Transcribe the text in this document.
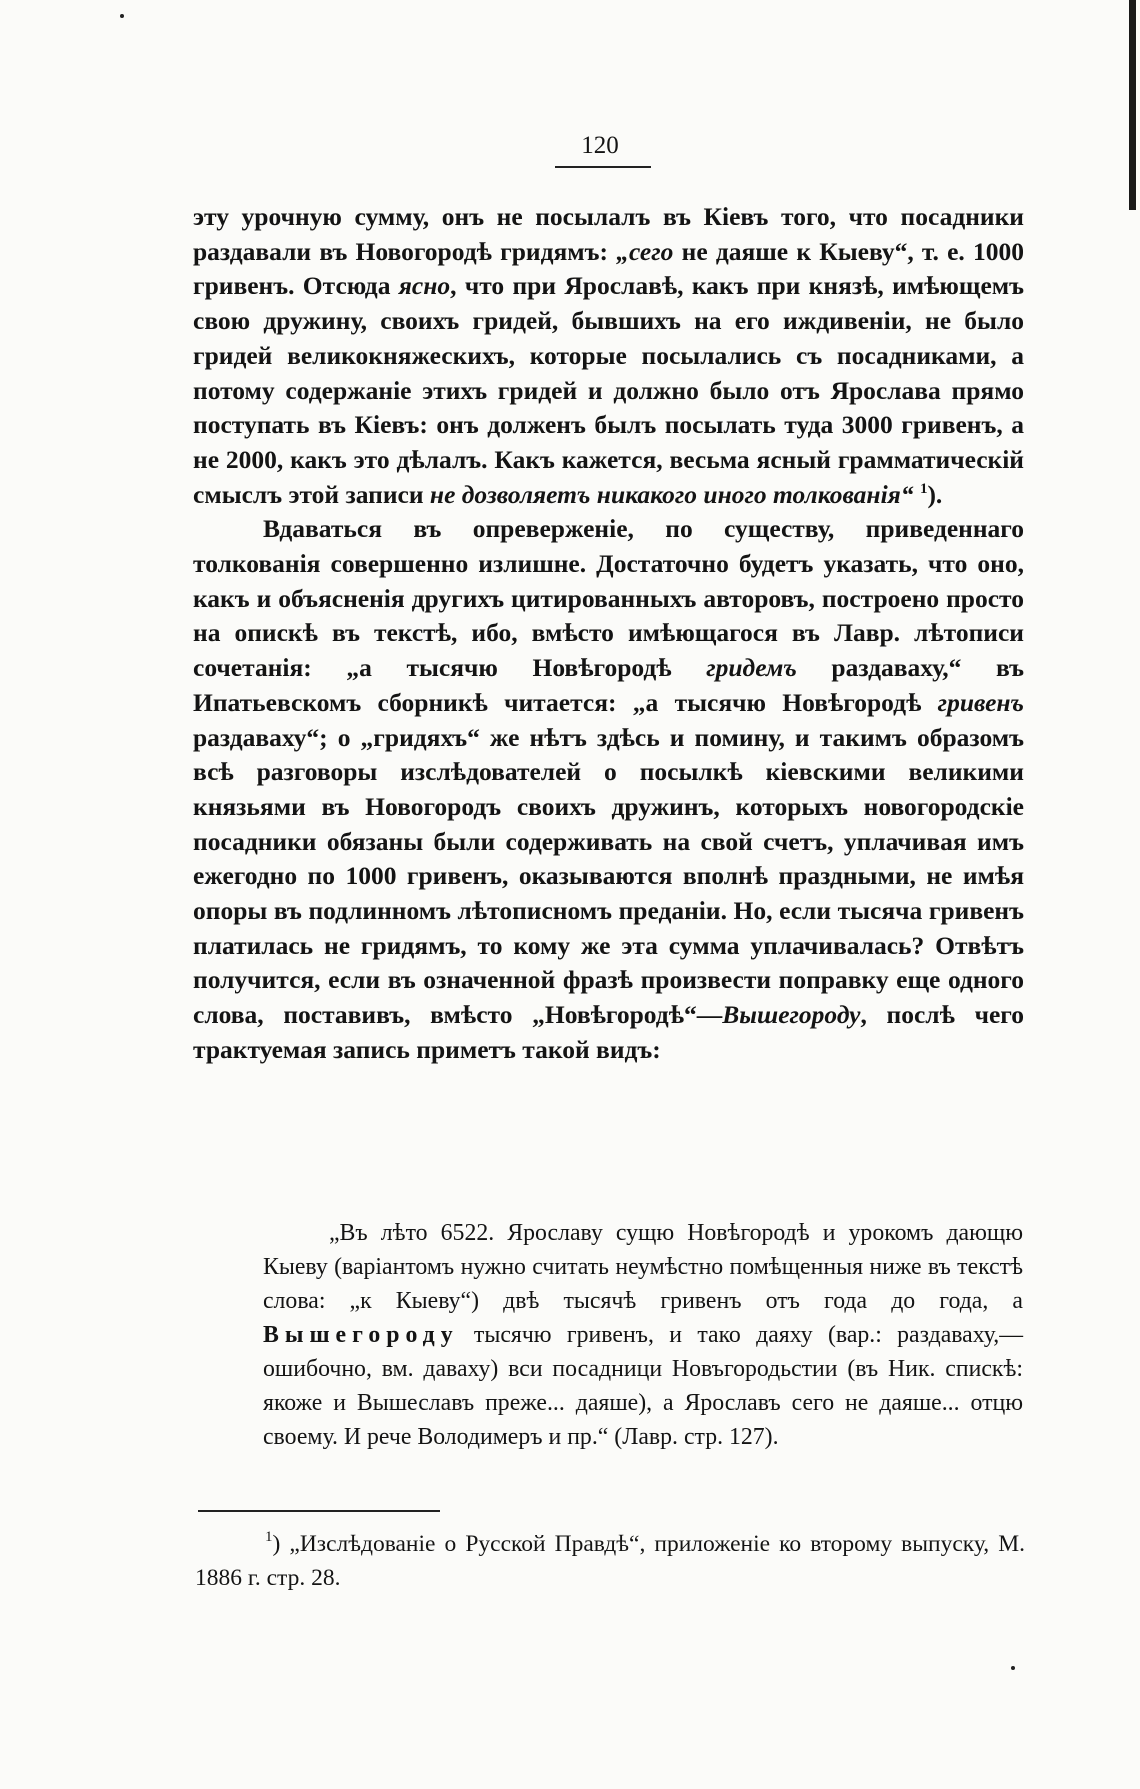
120

эту урочную сумму, онъ не посылалъ въ Кіевъ того, что посадники раздавали въ Новогородѣ гридямъ: „сего не даяше к Кыеву“, т. е. 1000 гривенъ. Отсюда ясно, что при Ярославѣ, какъ при князѣ, имѣющемъ свою дружину, своихъ гридей, бывшихъ на его иждивеніи, не было гридей великокняжескихъ, которые посылались съ посадниками, а потому содержаніе этихъ гридей и должно было отъ Ярослава прямо поступать въ Кіевъ: онъ долженъ былъ посылать туда 3000 гривенъ, а не 2000, какъ это дѣлалъ. Какъ кажется, весьма ясный грамматическій смыслъ этой записи не дозволяетъ никакого иного толкованія“ $^1$).

Вдаваться въ опреверженіе, по существу, приведеннаго толкованія совершенно излишне. Достаточно будетъ указать, что оно, какъ и объясненія другихъ цитированныхъ авторовъ, построено просто на опискѣ въ текстѣ, ибо, вмѣсто имѣющагося въ Лавр. лѣтописи сочетанія: „а тысячю Новѣгородѣ гридемъ раздаваху,“ въ Ипатьевскомъ сборникѣ читается: „а тысячю Новѣгородѣ гривенъ раздаваху“; о „гридяхъ“ же нѣтъ здѣсь и помину, и такимъ образомъ всѣ разговоры изслѣдователей о посылкѣ кіевскими великими князьями въ Новогородъ своихъ дружинъ, которыхъ новогородскіе посадники обязаны были содерживать на свой счетъ, уплачивая имъ ежегодно по 1000 гривенъ, оказываются вполнѣ праздными, не имѣя опоры въ подлинномъ лѣтописномъ преданіи. Но, если тысяча гривенъ платилась не гридямъ, то кому же эта сумма уплачивалась? Отвѣтъ получится, если въ означенной фразѣ произвести поправку еще одного слова, поставивъ, вмѣсто „Новѣгородѣ“—Вышегороду, послѣ чего трактуемая запись приметъ такой видъ:

„Въ лѣто 6522. Ярославу сущю Новѣгородѣ и урокомъ дающю Кыеву (варіантомъ нужно считать неумѣстно помѣщенныя ниже въ текстѣ слова: „к Кыеву“) двѣ тысячѣ гривенъ отъ года до года, а Вышегороду тысячю гривенъ, и тако даяху (вар.: раздаваху,— ошибочно, вм. даваху) вси посадници Новъгородьстии (въ Ник. спискѣ: якоже и Вышеславъ преже... даяше), а Ярославъ сего не даяше... отцю своему. И рече Володимеръ и пр.“ (Лавр. стр. 127).

$^1$) „Изслѣдованіе о Русской Правдѣ“, приложеніе ко второму выпуску, М. 1886 г. стр. 28.
